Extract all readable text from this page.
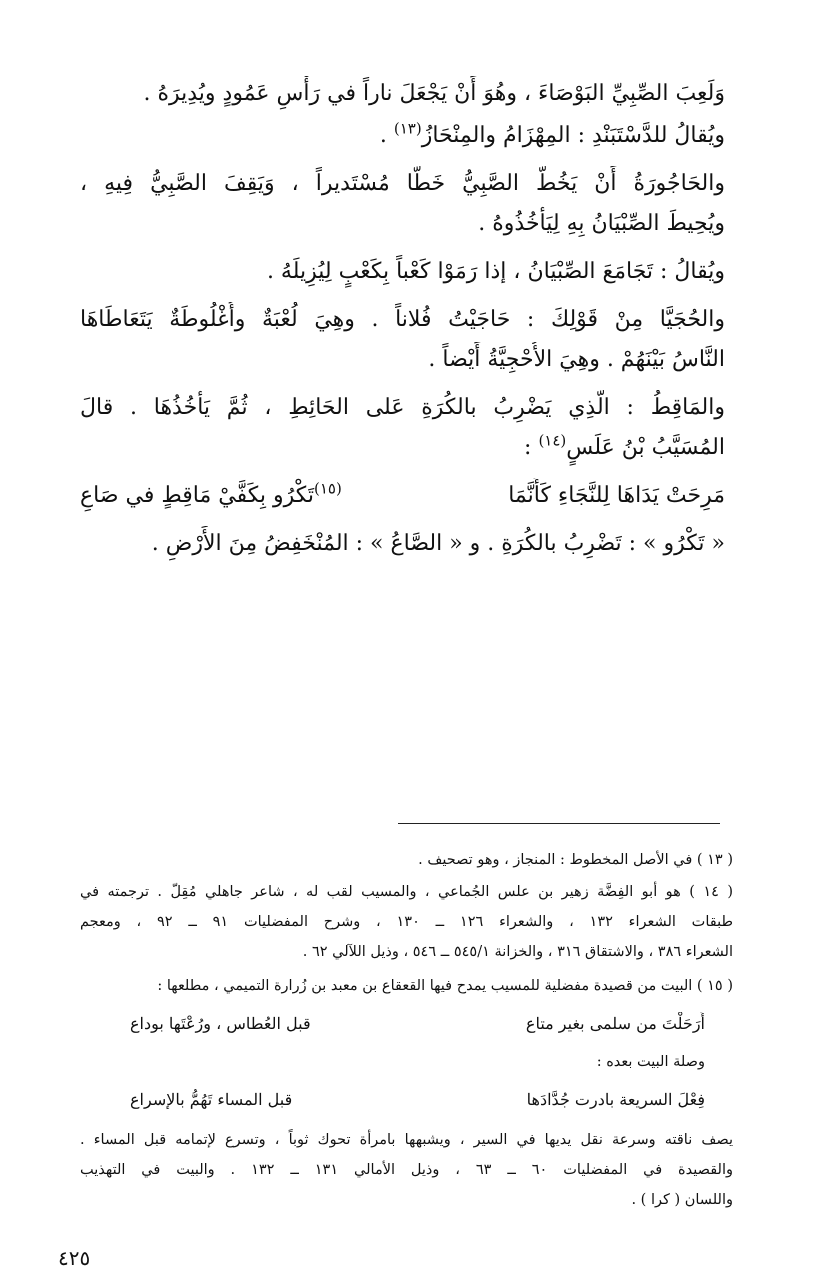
وَلَعِبَ الصِّبِيِّ البَوْصَاءَ ، وهُوَ أَنْ يَجْعَلَ ناراً في رَأْسِ عَمُودٍ ويُدِيرَهُ .
ويُقالُ للدَّسْتَبَنْدِ : المِهْزَامُ والمِنْحَازُ$^{(١٣)}$ .
والحَاجُورَةُ أَنْ يَخُطَّ الصَّبِيُّ خَطًّا مُسْتَديراً ، وَيَقِفَ الصَّبِيُّ فِيهِ ،
ويُحِيطَ الصِّبْيَانُ بِهِ لِيَأْخُذُوهُ .
ويُقالُ : تَجَامَعَ الصِّبْيَانُ ، إذا رَمَوْا كَعْباً بِكَعْبٍ لِيُزِيلَهُ .
والحُجَيَّا مِنْ قَوْلِكَ : حَاجَيْتُ فُلاناً . وهِيَ لُعْبَةٌ وأُغْلُوطَةٌ يَتَعَاطَاهَا
النَّاسُ بَيْنَهُمْ . وهِيَ الأُحْجِيَّةُ أَيْضاً .
والمَاقِطُ : الَّذِي يَضْرِبُ بالكُرَةِ عَلى الحَائِطِ ، ثُمَّ يَأْخُذُهَا . قالَ
المُسَيَّبُ بْنُ عَلَسٍ$^{(١٤)}$ :
مَرِحَتْ يَدَاهَا لِلنَّجَاءِ كَأَنَّمَا
$^{(١٥)}$تَكْرُو بِكَفَّيْ مَاقِطٍ في صَاعِ
« تَكْرُو » : تَضْرِبُ بالكُرَةِ . و « الصَّاعُ » : المُنْخَفِضُ مِنَ الأَرْضِ .
( ١٣ ) في الأصل المخطوط : المنجاز ، وهو تصحيف .
( ١٤ ) هو أبو الفِضَّة زهير بن علس الجُماعي ، والمسيب لقب له ، شاعر جاهلي مُقِلّ . ترجمته في
طبقات الشعراء ١٣٢ ، والشعراء ١٢٦ ــ ١٣٠ ، وشرح المفضليات ٩١ ــ ٩٢ ، ومعجم
الشعراء ٣٨٦ ، والاشتقاق ٣١٦ ، والخزانة ٥٤٥/١ ــ ٥٤٦ ، وذيل اللآلي ٦٢ .
( ١٥ ) البيت من قصيدة مفضلية للمسيب يمدح فيها القعقاع بن معبد بن زُرارة التميمي ، مطلعها :
أَرَحَلْتَ من سلمى بغير متاع
قبل العُطاس ، ورُعْتَها بوداع
وصلة البيت بعده :
فِعْلَ السريعة بادرت جُدَّادَها
قبل المساء تَهُمُّ بالإسراع
يصف ناقته وسرعة نقل يديها في السير ، ويشبهها بامرأة تحوك ثوباً ، وتسرع لإتمامه قبل المساء .
والقصيدة في المفضليات ٦٠ ــ ٦٣ ، وذيل الأمالي ١٣١ ــ ١٣٢ . والبيت في التهذيب
واللسان ( كرا ) .
٤٢٥
